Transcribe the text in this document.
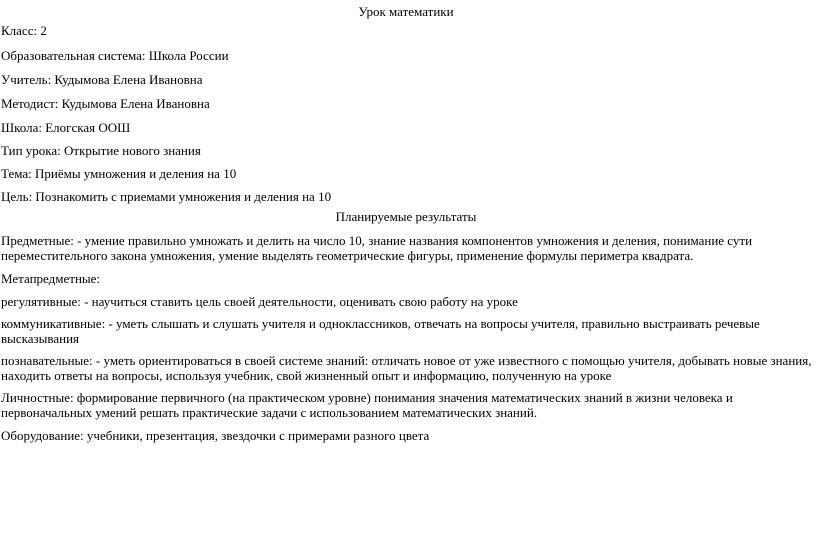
Урок математики

Класс: 2

Образовательная система: Школа России

Учитель: Кудымова Елена Ивановна

Методист: Кудымова Елена Ивановна

Школа: Елогская ООШ

Тип урока: Открытие нового знания

Тема: Приёмы умножения и деления на 10

Цель: Познакомить с приемами умножения и деления на 10

Планируемые результаты

Предметные: - умение правильно умножать и делить на число 10, знание названия компонентов умножения и деления, понимание сути переместительного закона умножения, умение выделять геометрические фигуры, применение формулы периметра квадрата.

Метапредметные:

регулятивные: - научиться ставить цель своей деятельности, оценивать свою работу на уроке

коммуникативные: - уметь слышать и слушать учителя и одноклассников, отвечать на вопросы учителя, правильно выстраивать речевые высказывания

познавательные: - уметь ориентироваться в своей системе знаний: отличать новое от уже известного с помощью учителя, добывать новые знания, находить ответы на вопросы, используя учебник, свой жизненный опыт и информацию, полученную на уроке

Личностные: формирование первичного (на практическом уровне) понимания значения математических знаний в жизни человека и первоначальных умений решать практические задачи с использованием математических знаний.

Оборудование: учебники, презентация, звездочки с примерами разного цвета
